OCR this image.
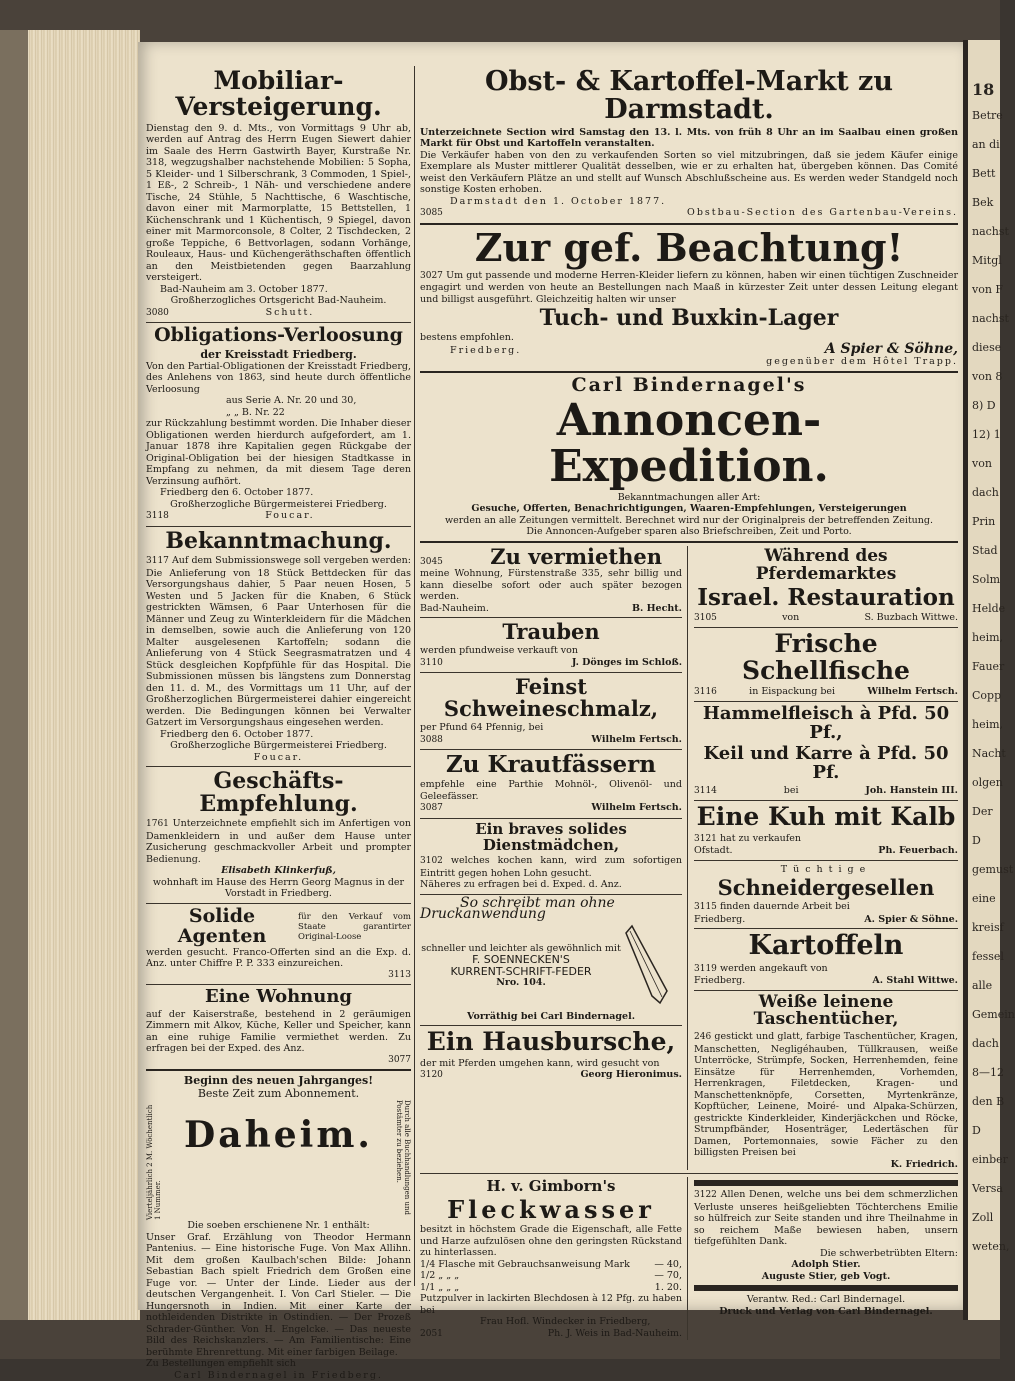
Mobiliar-Versteigerung.

Dienstag den 9. d. Mts., von Vormittags 9 Uhr ab, werden auf Antrag des Herrn Eugen Siewert dahier im Saale des Herrn Gastwirth Bayer, Kurstraße Nr. 318, wegzugshalber nachstehende Mobilien: 5 Sopha, 5 Kleider- und 1 Silberschrank, 3 Commoden, 1 Spiel-, 1 Eß-, 2 Schreib-, 1 Näh- und verschiedene andere Tische, 24 Stühle, 5 Nachttische, 6 Waschtische, davon einer mit Marmorplatte, 15 Bettstellen, 1 Küchenschrank und 1 Küchentisch, 9 Spiegel, davon einer mit Marmorconsole, 8 Colter, 2 Tischdecken, 2 große Teppiche, 6 Bettvorlagen, sodann Vorhänge, Rouleaux, Haus- und Küchengeräthschaften öffentlich an den Meistbietenden gegen Baarzahlung versteigert.

Bad-Nauheim am 3. October 1877.

Großherzogliches Ortsgericht Bad-Nauheim.

3080	Schutt.
Obligations-Verloosung
der Kreisstadt Friedberg.

Von den Partial-Obligationen der Kreisstadt Friedberg, des Anlehens von 1863, sind heute durch öffentliche Verloosung

aus Serie A. Nr. 20 und 30,

„ „ B. Nr. 22

zur Rückzahlung bestimmt worden. Die Inhaber dieser Obligationen werden hierdurch aufgefordert, am 1. Januar 1878 ihre Kapitalien gegen Rückgabe der Original-Obligation bei der hiesigen Stadtkasse in Empfang zu nehmen, da mit diesem Tage deren Verzinsung aufhört.

Friedberg den 6. October 1877.

Großherzogliche Bürgermeisterei Friedberg.

3118	Foucar.
Bekanntmachung.

3117 Auf dem Submissionswege soll vergeben werden: Die Anlieferung von 18 Stück Bettdecken für das Versorgungshaus dahier, 5 Paar neuen Hosen, 5 Westen und 5 Jacken für die Knaben, 6 Stück gestrickten Wämsen, 6 Paar Unterhosen für die Männer und Zeug zu Winterkleidern für die Mädchen in demselben, sowie auch die Anlieferung von 120 Malter ausgelesenen Kartoffeln; sodann die Anlieferung von 4 Stück Seegrasmatratzen und 4 Stück desgleichen Kopfpfühle für das Hospital. Die Submissionen müssen bis längstens zum Donnerstag den 11. d. M., des Vormittags um 11 Uhr, auf der Großherzoglichen Bürgermeisterei dahier eingereicht werden. Die Bedingungen können bei Verwalter Gatzert im Versorgungshaus eingesehen werden.

Friedberg den 6. October 1877.

Großherzogliche Bürgermeisterei Friedberg.

Foucar.

Geschäfts-Empfehlung.

1761 Unterzeichnete empfiehlt sich im Anfertigen von Damenkleidern in und außer dem Hause unter Zusicherung geschmackvoller Arbeit und prompter Bedienung.

Elisabeth Klinkerfuß,

wohnhaft im Hause des Herrn Georg Magnus in der Vorstadt in Friedberg.

Solide Agenten
für den Verkauf vom Staate garantirter Original-Loose

werden gesucht. Franco-Offerten sind an die Exp. d. Anz. unter Chiffre P. P. 333 einzureichen.

3113

Eine Wohnung

auf der Kaiserstraße, bestehend in 2 geräumigen Zimmern mit Alkov, Küche, Keller und Speicher, kann an eine ruhige Familie vermiethet werden. Zu erfragen bei der Exped. des Anz.

3077

Beginn des neuen Jahrganges!
Beste Zeit zum Abonnement.
Vierteljährlich 2 M. Wöchentlich 1 Nummer.
Daheim.	Durch alle Buchhandlungen und Postämter zu beziehen.

Die soeben erschienene Nr. 1 enthält:

Unser Graf. Erzählung von Theodor Hermann Pantenius. — Eine historische Fuge. Von Max Allihn. Mit dem großen Kaulbach'schen Bilde: Johann Sebastian Bach spielt Friedrich dem Großen eine Fuge vor. — Unter der Linde. Lieder aus der deutschen Vergangenheit. I. Von Carl Stieler. — Die Hungersnoth in Indien. Mit einer Karte der nothleidenden Distrikte in Ostindien. — Der Prozeß Schrader-Günther. Von H. Engelcke. — Das neueste Bild des Reichskanzlers. — Am Familientische: Eine berühmte Ehrenrettung. Mit einer farbigen Beilage.

Zu Bestellungen empfiehlt sich

Carl Bindernagel in Friedberg.

Obst- & Kartoffel-Markt zu Darmstadt.

Unterzeichnete Section wird Samstag den 13. l. Mts. von früh 8 Uhr an im Saalbau einen großen Markt für Obst und Kartoffeln veranstalten.

Die Verkäufer haben von den zu verkaufenden Sorten so viel mitzubringen, daß sie jedem Käufer einige Exemplare als Muster mittlerer Qualität desselben, wie er zu erhalten hat, übergeben können. Das Comité weist den Verkäufern Plätze an und stellt auf Wunsch Abschlußscheine aus. Es werden weder Standgeld noch sonstige Kosten erhoben.

Darmstadt den 1. October 1877.

3085	Obstbau-Section des Gartenbau-Vereins.
Zur gef. Beachtung!

3027 Um gut passende und moderne Herren-Kleider liefern zu können, haben wir einen tüchtigen Zuschneider engagirt und werden von heute an Bestellungen nach Maaß in kürzester Zeit unter dessen Leitung elegant und billigst ausgeführt. Gleichzeitig halten wir unser

Tuch- und Buxkin-Lager

bestens empfohlen.

Friedberg.	A Spier & Söhne,

gegenüber dem Hôtel Trapp.

Carl Bindernagel's
Annoncen-Expedition.

Bekanntmachungen aller Art:

Gesuche, Offerten, Benachrichtigungen, Waaren-Empfehlungen, Versteigerungen

werden an alle Zeitungen vermittelt. Berechnet wird nur der Originalpreis der betreffenden Zeitung.

Die Annoncen-Aufgeber sparen also Briefschreiben, Zeit und Porto.

3045 Zu vermiethen

meine Wohnung, Fürstenstraße 335, sehr billig und kann dieselbe sofort oder auch später bezogen werden.

Bad-Nauheim.	B. Hecht.
Trauben

werden pfundweise verkauft von

3110	J. Dönges im Schloß.
Feinst Schweineschmalz,

per Pfund 64 Pfennig, bei

3088	Wilhelm Fertsch.
Zu Krautfässern

empfehle eine Parthie Mohnöl-, Olivenöl- und Geleefässer.

3087	Wilhelm Fertsch.
Ein braves solides Dienstmädchen,

3102 welches kochen kann, wird zum sofortigen Eintritt gegen hohen Lohn gesucht.

Näheres zu erfragen bei d. Exped. d. Anz.

So schreibt man ohne

Druckanwendung

schneller und leichter als gewöhnlich mit

F. SOENNECKEN'S

KURRENT-SCHRIFT-FEDER

Nro. 104.

Vorräthig bei Carl Bindernagel.

Ein Hausbursche,

der mit Pferden umgehen kann, wird gesucht von

3120	Georg Hieronimus.
Während des Pferdemarktes
Israel. Restauration
3105	von	S. Buzbach Wittwe.
Frische Schellfische
3116	in Eispackung bei	Wilhelm Fertsch.
Hammelfleisch à Pfd. 50 Pf.,
Keil und Karre à Pfd. 50 Pf.
3114	bei	Joh. Hanstein III.
Eine Kuh mit Kalb

3121 hat zu verkaufen

Ofstadt.	Ph. Feuerbach.

Tüchtige

Schneidergesellen

3115 finden dauernde Arbeit bei

Friedberg.	A. Spier & Söhne.
Kartoffeln

3119 werden angekauft von

Friedberg.	A. Stahl Wittwe.
Weiße leinene Taschentücher,

246 gestickt und glatt, farbige Taschentücher, Kragen, Manschetten, Negligéhauben, Tüllkrausen, weiße Unterröcke, Strümpfe, Socken, Herrenhemden, feine Einsätze für Herrenhemden, Vorhemden, Herrenkragen, Filetdecken, Kragen- und Manschettenknöpfe, Corsetten, Myrtenkränze, Kopftücher, Leinene, Moiré- und Alpaka-Schürzen, gestrickte Kinderkleider, Kinderjäckchen und Röcke, Strumpfbänder, Hosenträger, Ledertäschen für Damen, Portemonnaies, sowie Fächer zu den billigsten Preisen bei

K. Friedrich.

H. v. Gimborn's
Fleckwasser

besitzt in höchstem Grade die Eigenschaft, alle Fette und Harze aufzulösen ohne den geringsten Rückstand zu hinterlassen.

1/4 Flasche mit Gebrauchsanweisung Mark	— 40,
1/2 „ „ „	— 70,
1/1 „ „ „	1. 20.

Putzpulver in lackirten Blechdosen à 12 Pfg. zu haben bei

Frau Hofl. Windecker in Friedberg,

2051	Ph. J. Weis in Bad-Nauheim.

3122 Allen Denen, welche uns bei dem schmerzlichen Verluste unseres heißgeliebten Töchterchens Emilie so hülfreich zur Seite standen und ihre Theilnahme in so reichem Maße bewiesen haben, unsern tiefgefühlten Dank.

Die schwerbetrübten Eltern:

Adolph Stier.

Auguste Stier, geb Vogt.

Verantw. Red.: Carl Bindernagel.

Druck und Verlag von Carl Bindernagel.

18
Betre
an di
Bett
Bek
nachst
Mitgl
von F
nachst
diese
von 8
8) D
12) 1
von
dach
Prin
Stad
Solm
Helde
heim,
Fauer
Copp
heim,
Nacht
olgen
Der
D
gemust
eine
kreisf
fessel
alle
Gemein
dach
8—12
den B
D
einber
Versa
Zoll
weten,
